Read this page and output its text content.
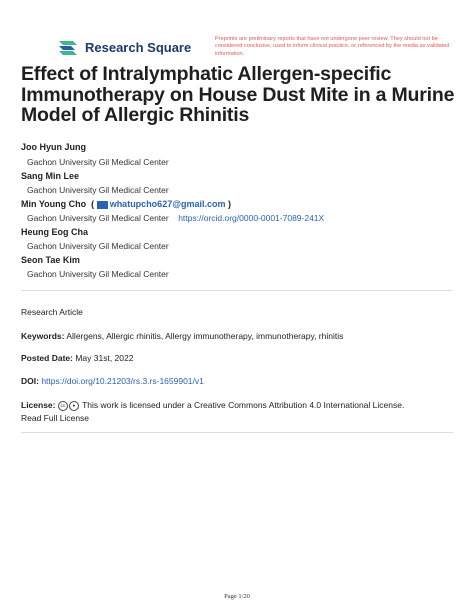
Research Square
Preprints are preliminary reports that have not undergone peer review. They should not be considered conclusive, used to inform clinical practice, or referenced by the media as validated information.
Effect of Intralymphatic Allergen-specific Immunotherapy on House Dust Mite in a Murine Model of Allergic Rhinitis
Joo Hyun Jung
Gachon University Gil Medical Center
Sang Min Lee
Gachon University Gil Medical Center
Min Young Cho  ( whatupcho627@gmail.com )
Gachon University Gil Medical Center https://orcid.org/0000-0001-7089-241X
Heung Eog Cha
Gachon University Gil Medical Center
Seon Tae Kim
Gachon University Gil Medical Center
Research Article
Keywords: Allergens, Allergic rhinitis, Allergy immunotherapy, immunotherapy, rhinitis
Posted Date: May 31st, 2022
DOI: https://doi.org/10.21203/rs.3.rs-1659901/v1
License: cc ● This work is licensed under a Creative Commons Attribution 4.0 International License.
Read Full License
Page 1/20
